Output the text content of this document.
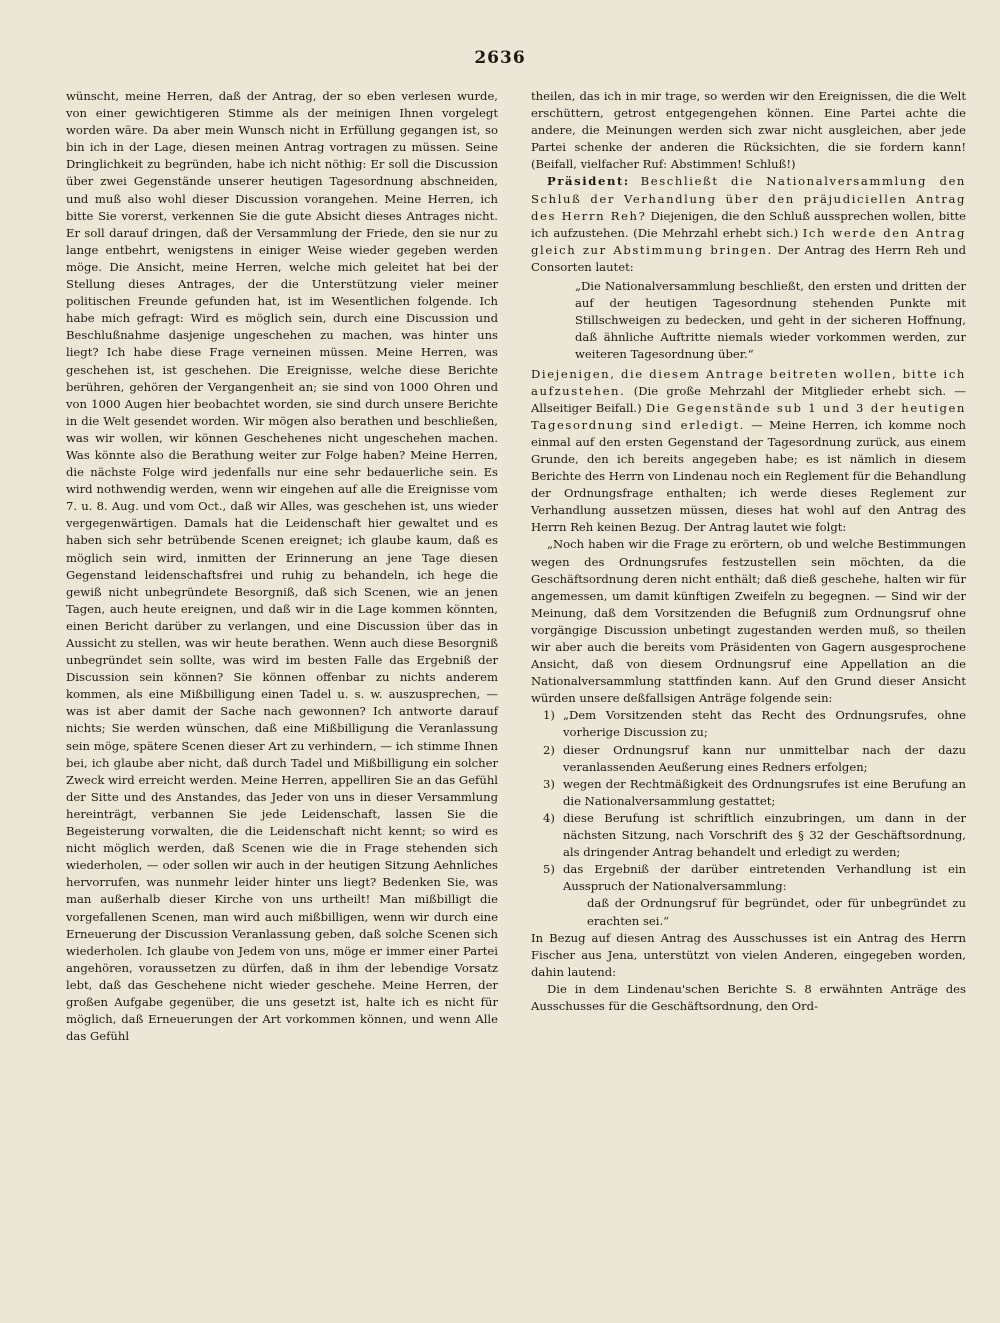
2636

wünscht, meine Herren, daß der Antrag, der so eben verlesen wurde, von einer gewichtigeren Stimme als der meinigen Ihnen vorgelegt worden wäre. Da aber mein Wunsch nicht in Erfüllung gegangen ist, so bin ich in der Lage, diesen meinen Antrag vortragen zu müssen. Seine Dringlichkeit zu begründen, habe ich nicht nöthig: Er soll die Discussion über zwei Gegenstände unserer heutigen Tagesordnung abschneiden, und muß also wohl dieser Discussion vorangehen. Meine Herren, ich bitte Sie vorerst, verkennen Sie die gute Absicht dieses Antrages nicht. Er soll darauf dringen, daß der Versammlung der Friede, den sie nur zu lange entbehrt, wenigstens in einiger Weise wieder gegeben werden möge. Die Ansicht, meine Herren, welche mich geleitet hat bei der Stellung dieses Antrages, der die Unterstützung vieler meiner politischen Freunde gefunden hat, ist im Wesentlichen folgende. Ich habe mich gefragt: Wird es möglich sein, durch eine Discussion und Beschlußnahme dasjenige ungeschehen zu machen, was hinter uns liegt? Ich habe diese Frage verneinen müssen. Meine Herren, was geschehen ist, ist geschehen. Die Ereignisse, welche diese Berichte berühren, gehören der Vergangenheit an; sie sind von 1000 Ohren und von 1000 Augen hier beobachtet worden, sie sind durch unsere Berichte in die Welt gesendet worden. Wir mögen also berathen und beschließen, was wir wollen, wir können Geschehenes nicht ungeschehen machen. Was könnte also die Berathung weiter zur Folge haben? Meine Herren, die nächste Folge wird jedenfalls nur eine sehr bedauerliche sein. Es wird nothwendig werden, wenn wir eingehen auf alle die Ereignisse vom 7. u. 8. Aug. und vom Oct., daß wir Alles, was geschehen ist, uns wieder vergegenwärtigen. Damals hat die Leidenschaft hier gewaltet und es haben sich sehr betrübende Scenen ereignet; ich glaube kaum, daß es möglich sein wird, inmitten der Erinnerung an jene Tage diesen Gegenstand leidenschaftsfrei und ruhig zu behandeln, ich hege die gewiß nicht unbegründete Besorgniß, daß sich Scenen, wie an jenen Tagen, auch heute ereignen, und daß wir in die Lage kommen könnten, einen Bericht darüber zu verlangen, und eine Discussion über das in Aussicht zu stellen, was wir heute berathen. Wenn auch diese Besorgniß unbegründet sein sollte, was wird im besten Falle das Ergebniß der Discussion sein können? Sie können offenbar zu nichts anderem kommen, als eine Mißbilligung einen Tadel u. s. w. auszusprechen, — was ist aber damit der Sache nach gewonnen? Ich antworte darauf nichts; Sie werden wünschen, daß eine Mißbilligung die Veranlassung sein möge, spätere Scenen dieser Art zu verhindern, — ich stimme Ihnen bei, ich glaube aber nicht, daß durch Tadel und Mißbilligung ein solcher Zweck wird erreicht werden. Meine Herren, appelliren Sie an das Gefühl der Sitte und des Anstandes, das Jeder von uns in dieser Versammlung hereinträgt, verbannen Sie jede Leidenschaft, lassen Sie die Begeisterung vorwalten, die die Leidenschaft nicht kennt; so wird es nicht möglich werden, daß Scenen wie die in Frage stehenden sich wiederholen, — oder sollen wir auch in der heutigen Sitzung Aehnliches hervorrufen, was nunmehr leider hinter uns liegt? Bedenken Sie, was man außerhalb dieser Kirche von uns urtheilt! Man mißbilligt die vorgefallenen Scenen, man wird auch mißbilligen, wenn wir durch eine Erneuerung der Discussion Veranlassung geben, daß solche Scenen sich wiederholen. Ich glaube von Jedem von uns, möge er immer einer Partei angehören, voraussetzen zu dürfen, daß in ihm der lebendige Vorsatz lebt, daß das Geschehene nicht wieder geschehe. Meine Herren, der großen Aufgabe gegenüber, die uns gesetzt ist, halte ich es nicht für möglich, daß Erneuerungen der Art vorkommen können, und wenn Alle das Gefühl

theilen, das ich in mir trage, so werden wir den Ereignissen, die die Welt erschüttern, getrost entgegengehen können. Eine Partei achte die andere, die Meinungen werden sich zwar nicht ausgleichen, aber jede Partei schenke der anderen die Rücksichten, die sie fordern kann! (Beifall, vielfacher Ruf: Abstimmen! Schluß!)

Präsident: Beschließt die Nationalversammlung den Schluß der Verhandlung über den präjudiciellen Antrag des Herrn Reh? Diejenigen, die den Schluß aussprechen wollen, bitte ich aufzustehen. (Die Mehrzahl erhebt sich.) Ich werde den Antrag gleich zur Abstimmung bringen. Der Antrag des Herrn Reh und Consorten lautet:

„Die Nationalversammlung beschließt, den ersten und dritten der auf der heutigen Tagesordnung stehenden Punkte mit Stillschweigen zu bedecken, und geht in der sicheren Hoffnung, daß ähnliche Auftritte niemals wieder vorkommen werden, zur weiteren Tagesordnung über.“

Diejenigen, die diesem Antrage beitreten wollen, bitte ich aufzustehen. (Die große Mehrzahl der Mitglieder erhebt sich. — Allseitiger Beifall.) Die Gegenstände sub 1 und 3 der heutigen Tagesordnung sind erledigt. — Meine Herren, ich komme noch einmal auf den ersten Gegenstand der Tagesordnung zurück, aus einem Grunde, den ich bereits angegeben habe; es ist nämlich in diesem Berichte des Herrn von Lindenau noch ein Reglement für die Behandlung der Ordnungsfrage enthalten; ich werde dieses Reglement zur Verhandlung aussetzen müssen, dieses hat wohl auf den Antrag des Herrn Reh keinen Bezug. Der Antrag lautet wie folgt:

„Noch haben wir die Frage zu erörtern, ob und welche Bestimmungen wegen des Ordnungsrufes festzustellen sein möchten, da die Geschäftsordnung deren nicht enthält; daß dieß geschehe, halten wir für angemessen, um damit künftigen Zweifeln zu begegnen. — Sind wir der Meinung, daß dem Vorsitzenden die Befugniß zum Ordnungsruf ohne vorgängige Discussion unbetingt zugestanden werden muß, so theilen wir aber auch die bereits vom Präsidenten von Gagern ausgesprochene Ansicht, daß von diesem Ordnungsruf eine Appellation an die Nationalversammlung stattfinden kann. Auf den Grund dieser Ansicht würden unsere deßfallsigen Anträge folgende sein:

1) „Dem Vorsitzenden steht das Recht des Ordnungsrufes, ohne vorherige Discussion zu;

2) dieser Ordnungsruf kann nur unmittelbar nach der dazu veranlassenden Aeußerung eines Redners erfolgen;

3) wegen der Rechtmäßigkeit des Ordnungsrufes ist eine Berufung an die Nationalversammlung gestattet;

4) diese Berufung ist schriftlich einzubringen, um dann in der nächsten Sitzung, nach Vorschrift des § 32 der Geschäftsordnung, als dringender Antrag behandelt und erledigt zu werden;

5) das Ergebniß der darüber eintretenden Verhandlung ist ein Ausspruch der Nationalversammlung:

daß der Ordnungsruf für begründet, oder für unbegründet zu erachten sei.“

In Bezug auf diesen Antrag des Ausschusses ist ein Antrag des Herrn Fischer aus Jena, unterstützt von vielen Anderen, eingegeben worden, dahin lautend:

Die in dem Lindenau'schen Berichte S. 8 erwähnten Anträge des Ausschusses für die Geschäftsordnung, den Ord-
